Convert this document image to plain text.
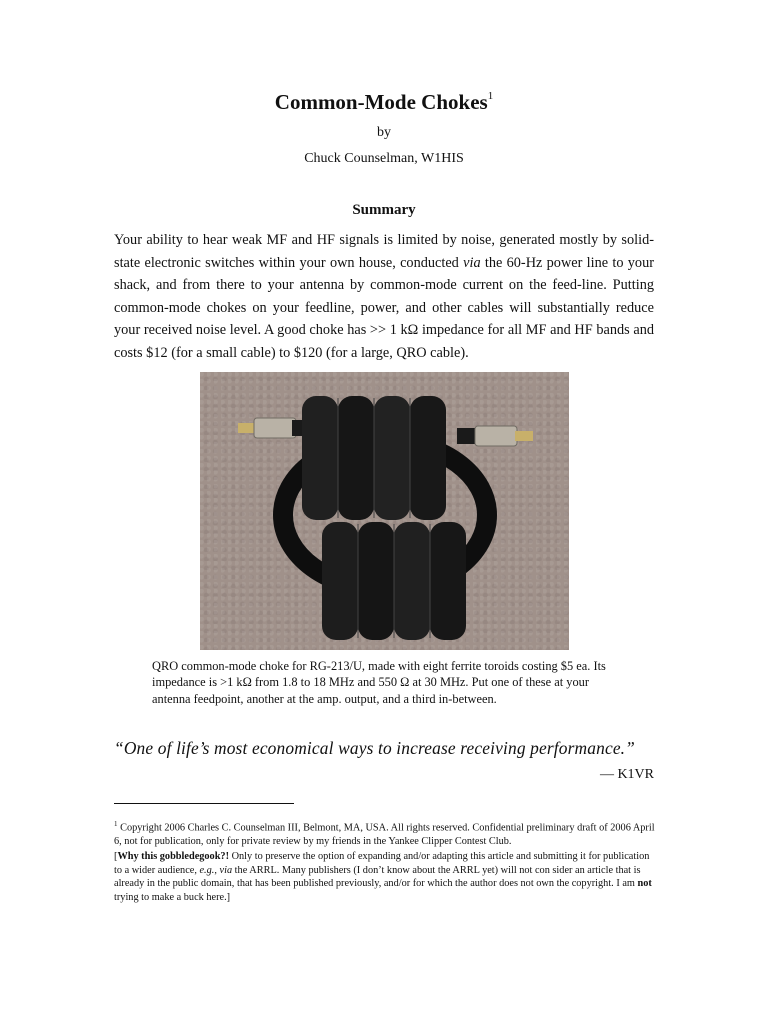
Common-Mode Chokes$^1$
by
Chuck Counselman, W1HIS
Summary
Your ability to hear weak MF and HF signals is limited by noise, generated mostly by solid-state electronic switches within your own house, conducted via the 60-Hz power line to your shack, and from there to your antenna by common-mode current on the feed-line. Putting common-mode chokes on your feedline, power, and other cables will substantially reduce your received noise level. A good choke has >> 1 kΩ impedance for all MF and HF bands and costs $12 (for a small cable) to $120 (for a large, QRO cable).
QRO common-mode choke for RG-213/U, made with eight ferrite toroids costing $5 ea. Its impedance is >1 kΩ from 1.8 to 18 MHz and 550 Ω at 30 MHz. Put one of these at your antenna feedpoint, another at the amp. output, and a third in-between.
“One of life’s most economical ways to increase receiving performance.”
— K1VR
$^1$ Copyright 2006 Charles C. Counselman III, Belmont, MA, USA. All rights reserved. Confidential preliminary draft of 2006 April 6, not for publication, only for private review by my friends in the Yankee Clipper Contest Club.
[Why this gobbledegook?! Only to preserve the option of expanding and/or adapting this article and submitting it for publication to a wider audience, e.g., via the ARRL. Many publishers (I don’t know about the ARRL yet) will not con sider an article that is already in the public domain, that has been published previously, and/or for which the author does not own the copyright. I am not trying to make a buck here.]
